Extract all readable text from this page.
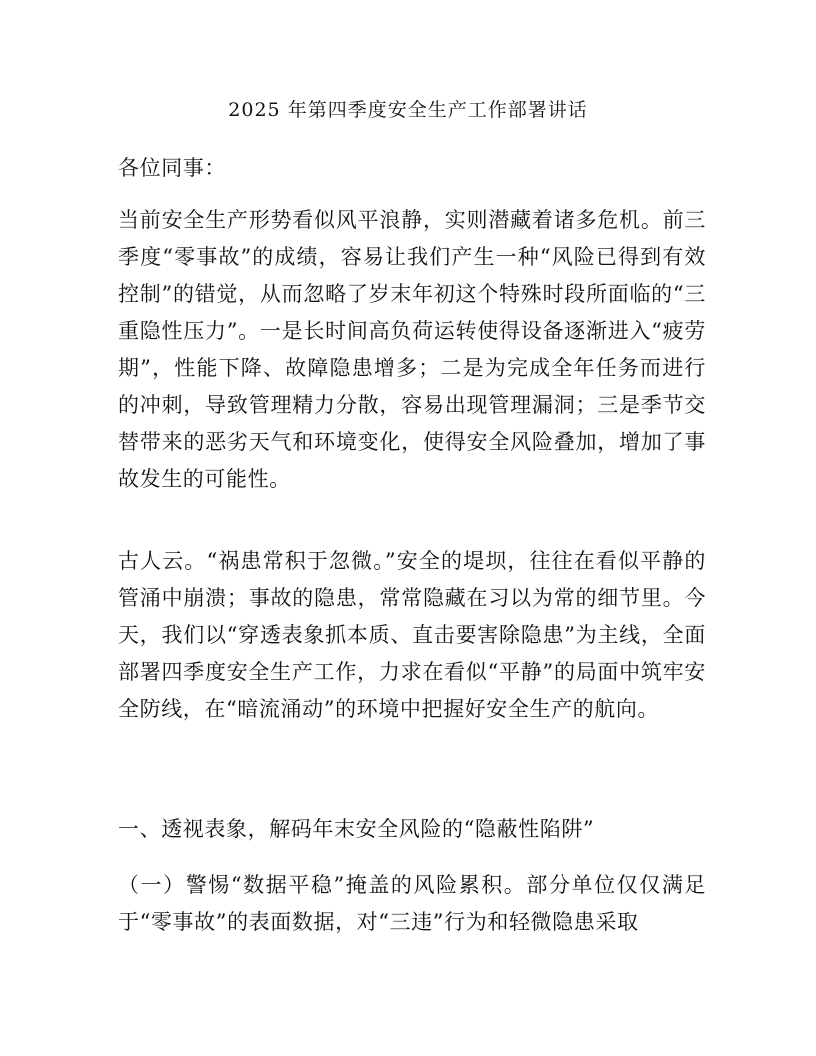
2025 年第四季度安全生产工作部署讲话

各位同事：

当前安全生产形势看似风平浪静，实则潜藏着诸多危机。前三季度“零事故”的成绩，容易让我们产生一种“风险已得到有效控制”的错觉，从而忽略了岁末年初这个特殊时段所面临的“三重隐性压力”。一是长时间高负荷运转使得设备逐渐进入“疲劳期”，性能下降、故障隐患增多；二是为完成全年任务而进行的冲刺，导致管理精力分散，容易出现管理漏洞；三是季节交替带来的恶劣天气和环境变化，使得安全风险叠加，增加了事故发生的可能性。

古人云。“祸患常积于忽微。”安全的堤坝，往往在看似平静的管涌中崩溃；事故的隐患，常常隐藏在习以为常的细节里。今天，我们以“穿透表象抓本质、直击要害除隐患”为主线，全面部署四季度安全生产工作，力求在看似“平静”的局面中筑牢安全防线，在“暗流涌动”的环境中把握好安全生产的航向。

一、透视表象，解码年末安全风险的“隐蔽性陷阱”

（一）警惕“数据平稳”掩盖的风险累积。部分单位仅仅满足于“零事故”的表面数据，对“三违”行为和轻微隐患采取
